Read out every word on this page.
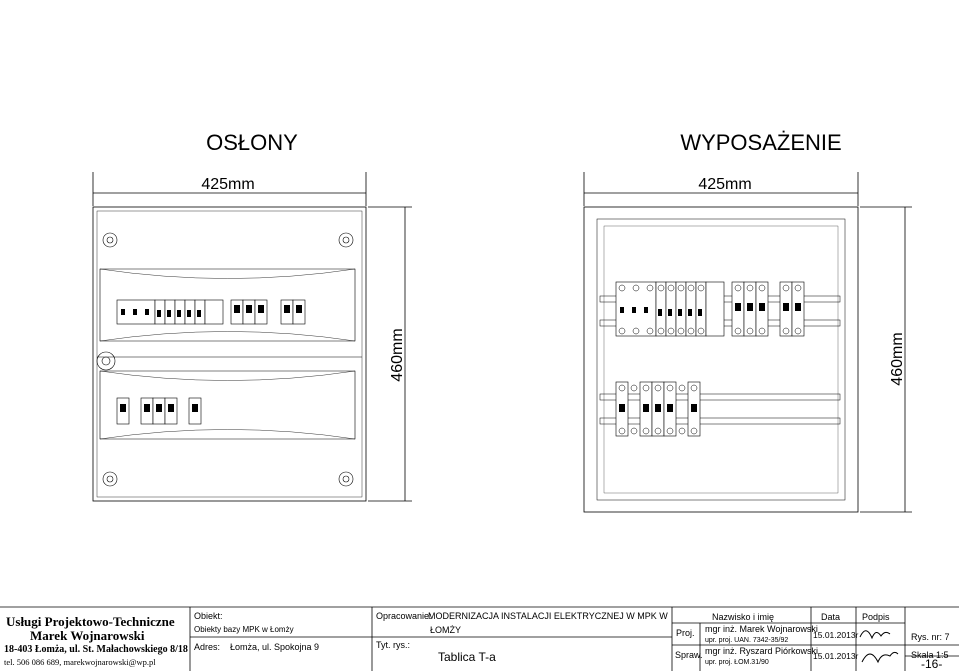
OSŁONY
425mm
460mm
WYPOSAŻENIE
425mm
460mm
Usługi Projektowo-Techniczne
Marek Wojnarowski
18-403 Łomża, ul. St. Małachowskiego 8/18
tel. 506 086 689, marekwojnarowski@wp.pl
Obiekt:
Obiekty bazy MPK w Łomży
Adres: Łomża, ul. Spokojna 9
Opracowanie:
MODERNIZACJA INSTALACJI ELEKTRYCZNEJ W MPK W
ŁOMŻY
Tyt. rys.:
Tablica T-a
Nazwisko i imię	Data Podpis
Proj. mgr inż. Marek Wojnarowski
upr. proj. UAN. 7342-35/92
15.01.2013r
Spraw. mgr inż. Ryszard Piórkowski
upr. proj. ŁOM.31/90
15.01.2013r
Rys. nr: 7
Skala 1:5
-16-
